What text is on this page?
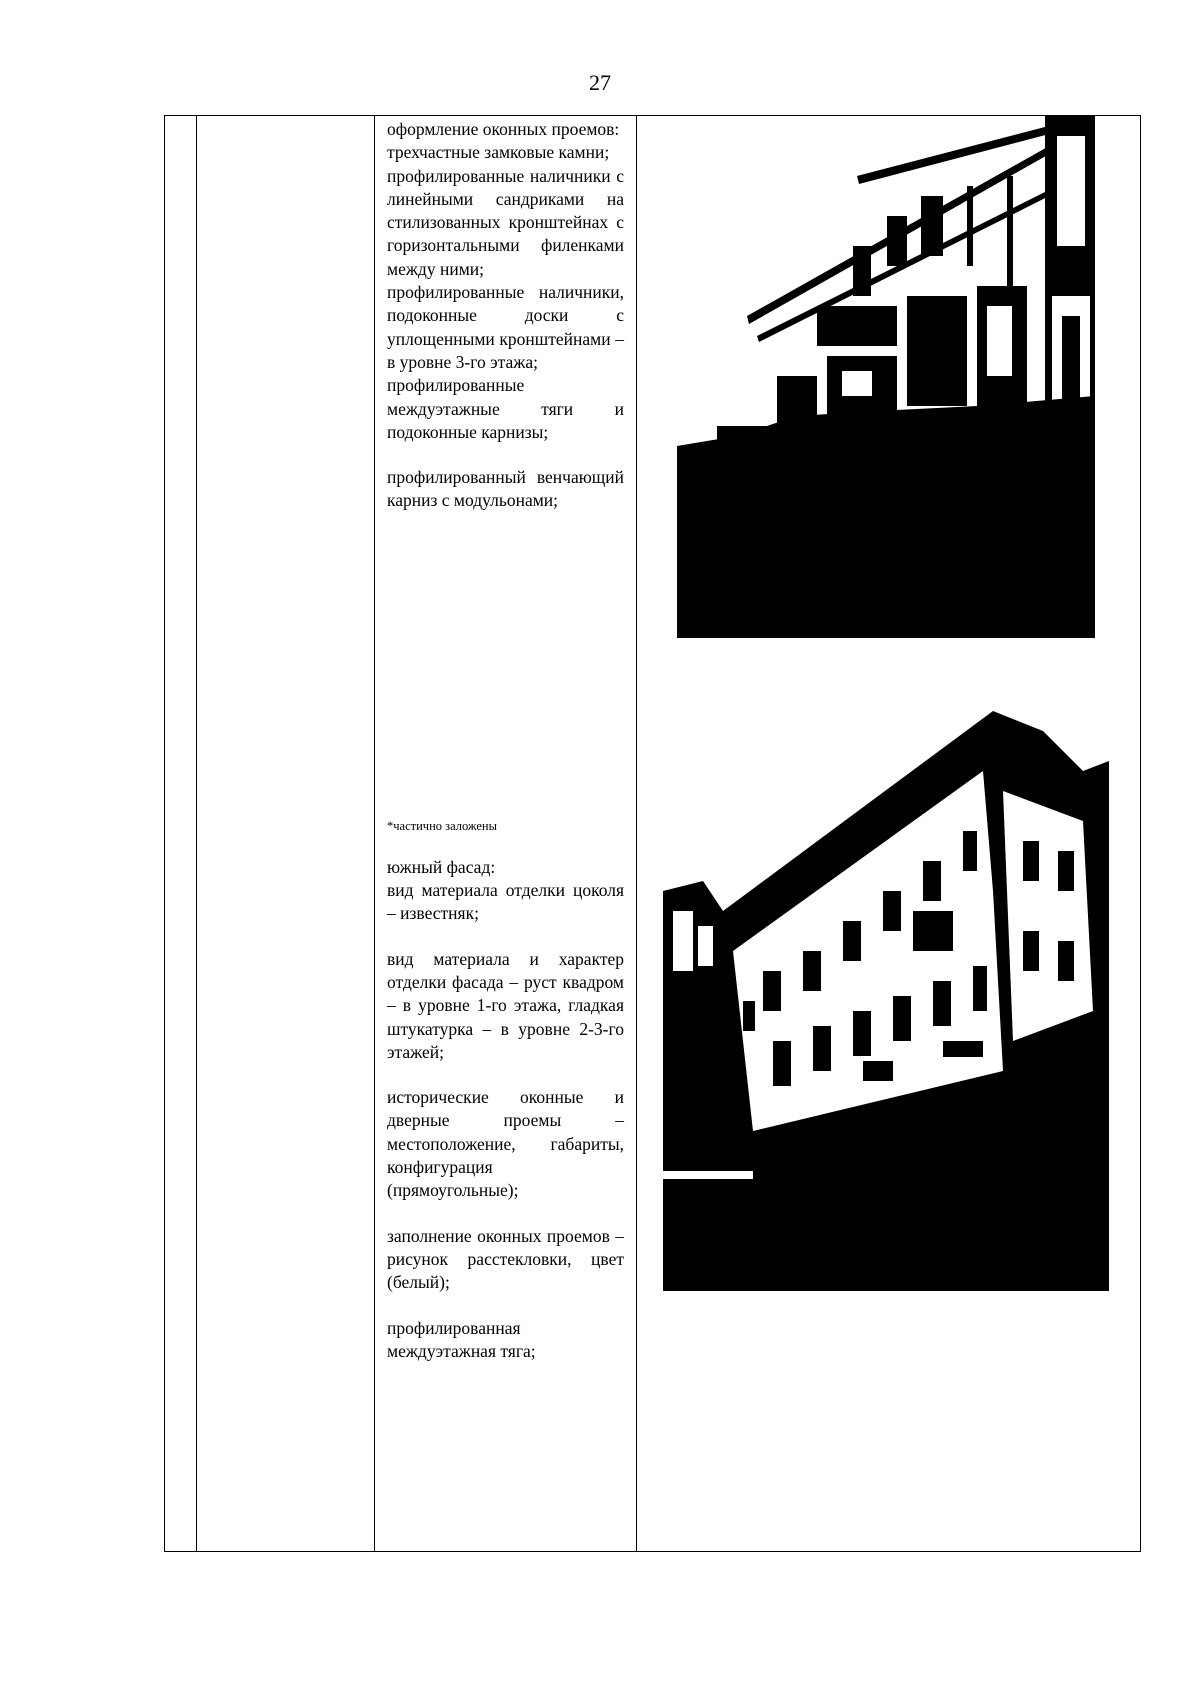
27

оформление оконных проемов:

трехчастные замковые камни;

профилированные наличники с линейными сандриками на стилизованных кронштейнах с горизонтальными филенками между ними;

профилированные наличники, подоконные доски с уплощенными кронштейнами – в уровне 3-го этажа;

профилированные междуэтажные тяги и подоконные карнизы;

профилированный венчающий карниз с модульонами;

*частично заложены

южный фасад:

вид материала отделки цоколя – известняк;

вид материала и характер отделки фасада – руст квадром – в уровне 1-го этажа, гладкая штукатурка – в уровне 2-3-го этажей;

исторические оконные и дверные проемы – местоположение, габариты, конфигурация (прямоугольные);

заполнение оконных проемов – рисунок расстекловки, цвет (белый);

профилированная междуэтажная тяга;
